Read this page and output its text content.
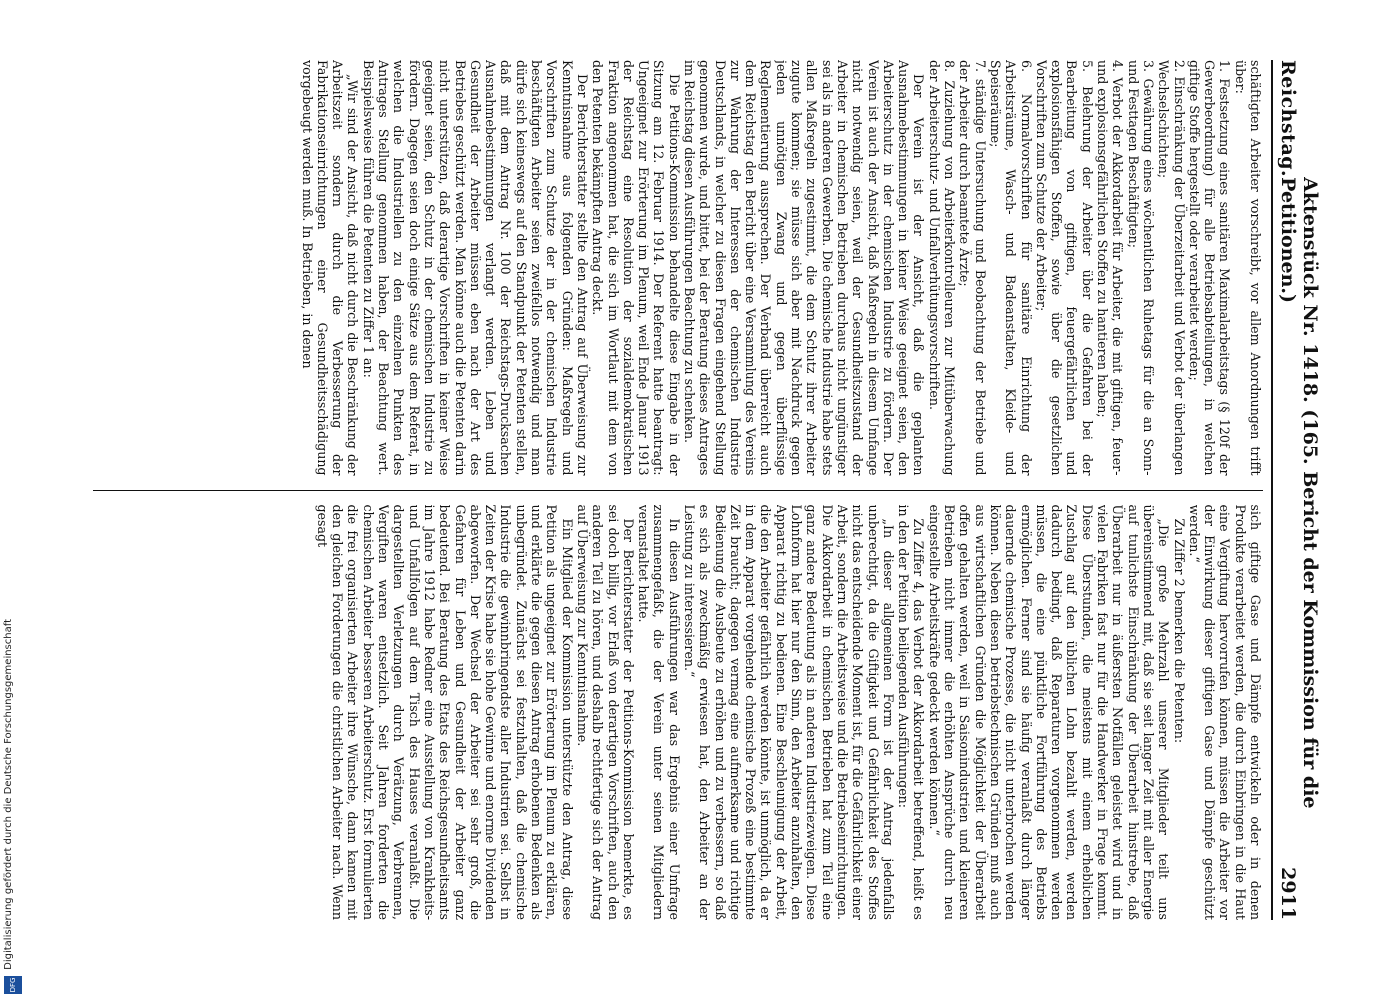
Digitalisierung gefördert durch die Deutsche Forschungsgemeinschaft
DFG
Reichstag.
Aktenstück Nr. 1418. (165. Bericht der Kommission für die Petitionen.)
2911

schäftigten Arbeiter vorschreibt, vor allem Anordnungen trifft über:

1. Festsetzung eines sanitären Maximalarbeitstags (§ 120f der Gewerbeordnung) für alle Betriebsabteilungen, in welchen giftige Stoffe hergestellt oder verarbeitet werden;

2. Einschränkung der Überzeitarbeit und Verbot der überlangen Wechselschichten;

3. Gewährung eines wöchentlichen Ruhetags für die an Sonn- und Festtagen Beschäftigten;

4. Verbot der Akkordarbeit für Arbeiter, die mit giftigen, feuer- und explosionsgefährlichen Stoffen zu hantieren haben;

5. Belehrung der Arbeiter über die Gefahren bei der Bearbeitung von giftigen, feuergefährlichen und explosionsfähigen Stoffen, sowie über die gesetzlichen Vorschriften zum Schutze der Arbeiter;

6. Normalvorschriften für sanitäre Einrichtung der Arbeitsräume, Wasch- und Badeanstalten, Kleide- und Speiseräume;

7. ständige Untersuchung und Beobachtung der Betriebe und der Arbeiter durch beamtete Ärzte;

8. Zuziehung von Arbeiterkontrolleuren zur Mitüberwachung der Arbeiterschutz- und Unfallverhütungsvorschriften.

Der Verein ist der Ansicht, daß die geplanten Ausnahmebestimmungen in keiner Weise geeignet seien, den Arbeiterschutz in der chemischen Industrie zu fördern. Der Verein ist auch der Ansicht, daß Maßregeln in diesem Umfange nicht notwendig seien, weil der Gesundheitszustand der Arbeiter in chemischen Betrieben durchaus nicht ungünstiger sei als in anderen Gewerben. Die chemische Industrie habe stets allen Maßregeln zugestimmt, die dem Schutz ihrer Arbeiter zugute kommen; sie müsse sich aber mit Nachdruck gegen jeden unnötigen Zwang und gegen überflüssige Reglementierung aussprechen. Der Verband überreicht auch dem Reichstag den Bericht über eine Versammlung des Vereins zur Wahrung der Interessen der chemischen Industrie Deutschlands, in welcher zu diesen Fragen eingehend Stellung genommen wurde, und bittet, bei der Beratung dieses Antrages im Reichstag diesen Ausführungen Beachtung zu schenken.

Die Petitions-Kommission behandelte diese Eingabe in der Sitzung am 12. Februar 1914. Der Referent hatte beantragt: Ungeeignet zur Erörterung im Plenum, weil Ende Januar 1913 der Reichstag eine Resolution der sozialdemokratischen Fraktion angenommen hat, die sich im Wortlaut mit dem von den Petenten bekämpften Antrag deckt.

Der Berichterstatter stellte den Antrag auf Überweisung zur Kenntnisnahme aus folgenden Gründen: Maßregeln und Vorschriften zum Schutze der in der chemischen Industrie beschäftigten Arbeiter seien zweifellos notwendig und man dürfe sich keineswegs auf den Standpunkt der Petenten stellen, daß mit dem Antrag Nr. 100 der Reichstags-Drucksachen Ausnahmebestimmungen verlangt werden. Leben und Gesundheit der Arbeiter müssen eben nach der Art des Betriebes geschützt werden. Man könne auch die Petenten darin nicht unterstützen, daß derartige Vorschriften in keiner Weise geeignet seien, den Schutz in der chemischen Industrie zu fördern. Dagegen seien doch einige Sätze aus dem Referat, in welchen die Industriellen zu den einzelnen Punkten des Antrages Stellung genommen haben, der Beachtung wert. Beispielsweise führen die Petenten zu Ziffer 1 an:

„Wir sind der Ansicht, daß nicht durch die Beschränkung der Arbeitszeit sondern durch die Verbesserung der Fabrikationseinrichtungen einer Gesundheitsschädigung vorgebeugt werden muß. In Betrieben, in denen

sich giftige Gase und Dämpfe entwickeln oder in denen Produkte verarbeitet werden, die durch Einbringen in die Haut eine Vergiftung hervorrufen können, müssen die Arbeiter vor der Einwirkung dieser giftigen Gase und Dämpfe geschützt werden.“

Zu Ziffer 2 bemerken die Petenten:

„Die große Mehrzahl unserer Mitglieder teilt uns übereinstimmend mit, daß sie seit langer Zeit mit aller Energie auf tunlichste Einschränkung der Überarbeit hinstrebe, daß Überarbeit nur in äußersten Notfällen geleistet wird und in vielen Fabriken fast nur für die Handwerker in Frage kommt. Diese Überstunden, die meistens mit einem erheblichen Zuschlag auf den üblichen Lohn bezahlt werden, werden dadurch bedingt, daß Reparaturen vorgenommen werden müssen, die eine pünktliche Fortführung des Betriebs ermöglichen. Ferner sind sie häufig veranlaßt durch länger dauernde chemische Prozesse, die nicht unterbrochen werden können. Neben diesen betriebstechnischen Gründen muß auch aus wirtschaftlichen Gründen die Möglichkeit der Überarbeit offen gehalten werden, weil in Saisonindustrien und kleineren Betrieben nicht immer die erhöhten Ansprüche durch neu eingestellte Arbeitskräfte gedeckt werden können.“

Zu Ziffer 4, das Verbot der Akkordarbeit betreffend, heißt es in den der Petition beiliegenden Ausführungen:

„In dieser allgemeinen Form ist der Antrag jedenfalls unberechtigt, da die Giftigkeit und Gefährlichkeit des Stoffes nicht das entscheidende Moment ist, für die Gefährlichkeit einer Arbeit, sondern die Arbeitsweise und die Betriebseinrichtungen. Die Akkordarbeit in chemischen Betrieben hat zum Teil eine ganz andere Bedeutung als in anderen Industriezweigen. Diese Lohnform hat hier nur den Sinn, den Arbeiter anzuhalten, den Apparat richtig zu bedienen. Eine Beschleunigung der Arbeit, die den Arbeiter gefährlich werden könnte, ist unmöglich, da er in dem Apparat vorgehende chemische Prozeß eine bestimmte Zeit braucht; dagegen vermag eine aufmerksame und richtige Bedienung die Ausbeute zu erhöhen und zu verbessern, so daß es sich als zweckmäßig erwiesen hat, den Arbeiter an der Leistung zu interessieren.“

In diesen Ausführungen war das Ergebnis einer Umfrage zusammengefaßt, die der Verein unter seinen Mitgliedern veranstaltet hatte.

Der Berichterstatter der Petitions-Kommission bemerkte, es sei doch billig, vor Erlaß von derartigen Vorschriften, auch den anderen Teil zu hören, und deshalb rechtfertige sich der Antrag auf Überweisung zur Kenntnisnahme.

Ein Mitglied der Kommission unterstützte den Antrag, diese Petition als ungeeignet zur Erörterung im Plenum zu erklären, und erklärte die gegen diesen Antrag erhobenen Bedenken als unbegründet. Zunächst sei festzuhalten, daß die chemische Industrie die gewinnbringendste aller Industrien sei. Selbst in Zeiten der Krise habe sie hohe Gewinne und enorme Dividenden abgeworfen. Der Wechsel der Arbeiter sei sehr groß, die Gefahren für Leben und Gesundheit der Arbeiter ganz bedeutend. Bei Beratung des Etats des Reichsgesundheitsamts im Jahre 1912 habe Redner eine Ausstellung von Krankheits- und Unfallfolgen auf dem Tisch des Hauses veranlaßt. Die dargestellten Verletzungen durch Verätzung, Verbrennen, Vergiften waren entsetzlich. Seit Jahren forderten die chemischen Arbeiter besseren Arbeiterschutz. Erst formulierten die frei organisierten Arbeiter ihre Wünsche, dann kamen mit den gleichen Forderungen die christlichen Arbeiter nach. Wenn gesagt
